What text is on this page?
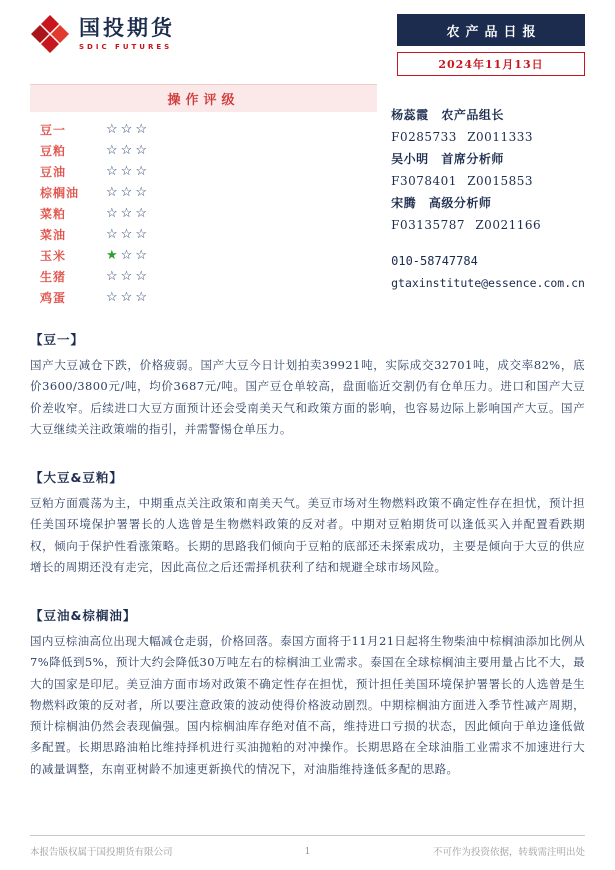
国投期货
SDIC FUTURES
农产品日报
2024年11月13日
操作评级
豆一	☆☆☆
豆粕	☆☆☆
豆油	☆☆☆
棕榈油	☆☆☆
菜粕	☆☆☆
菜油	☆☆☆
玉米	★☆☆
生猪	☆☆☆
鸡蛋	☆☆☆
杨蕊霞 农产品组长
F0285733 Z0011333
吴小明 首席分析师
F3078401 Z0015853
宋腾 高级分析师
F03135787 Z0021166
010-58747784
gtaxinstitute@essence.com.cn
【豆一】

国产大豆减仓下跌，价格疲弱。国产大豆今日计划拍卖39921吨，实际成交32701吨，成交率82%，底价3600/3800元/吨，均价3687元/吨。国产豆仓单较高，盘面临近交割仍有仓单压力。进口和国产大豆价差收窄。后续进口大豆方面预计还会受南美天气和政策方面的影响，也容易边际上影响国产大豆。国产大豆继续关注政策端的指引，并需警惕仓单压力。

【大豆&豆粕】

豆粕方面震荡为主，中期重点关注政策和南美天气。美豆市场对生物燃料政策不确定性存在担忧，预计担任美国环境保护署署长的人选曾是生物燃料政策的反对者。中期对豆粕期货可以逢低买入并配置看跌期权，倾向于保护性看涨策略。长期的思路我们倾向于豆粕的底部还未探索成功，主要是倾向于大豆的供应增长的周期还没有走完，因此高位之后还需择机获利了结和规避全球市场风险。

【豆油&棕榈油】

国内豆棕油高位出现大幅减仓走弱，价格回落。泰国方面将于11月21日起将生物柴油中棕榈油添加比例从7%降低到5%，预计大约会降低30万吨左右的棕榈油工业需求。泰国在全球棕榈油主要用量占比不大，最大的国家是印尼。美豆油方面市场对政策不确定性存在担忧，预计担任美国环境保护署署长的人选曾是生物燃料政策的反对者，所以要注意政策的波动使得价格波动剧烈。中期棕榈油方面进入季节性减产周期，预计棕榈油仍然会表现偏强。国内棕榈油库存绝对值不高，维持进口亏损的状态，因此倾向于单边逢低做多配置。长期思路油粕比维持择机进行买油抛粕的对冲操作。长期思路在全球油脂工业需求不加速进行大的减量调整，东南亚树龄不加速更新换代的情况下，对油脂维持逢低多配的思路。

本报告版权属于国投期货有限公司	1	不可作为投资依据，转载需注明出处
